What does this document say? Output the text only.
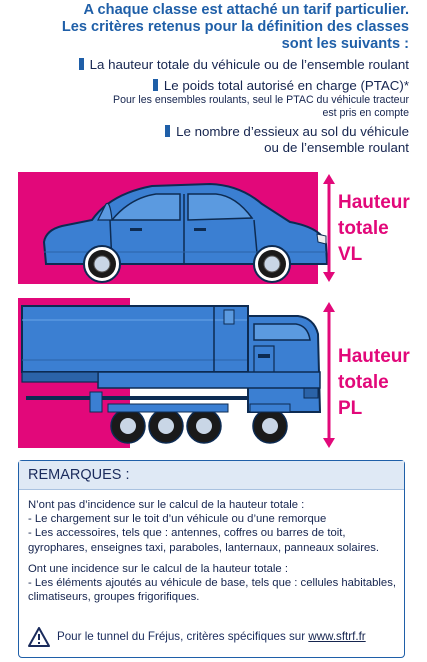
A chaque classe est attaché un tarif particulier.
Les critères retenus pour la définition des classes
sont les suivants :
La hauteur totale du véhicule ou de l’ensemble roulant
Le poids total autorisé en charge (PTAC)*
Pour les ensembles roulants, seul le PTAC du véhicule tracteur
est pris en compte
Le nombre d’essieux au sol du véhicule
ou de l’ensemble roulant
Hauteur
totale
VL
Hauteur
totale
PL
REMARQUES :

N’ont pas d’incidence sur le calcul de la hauteur totale :

- Le chargement sur le toit d’un véhicule ou d’une remorque

- Les accessoires, tels que : antennes, coffres ou barres de toit,

gyrophares, enseignes taxi, paraboles, lanternaux, panneaux solaires.

Ont une incidence sur le calcul de la hauteur totale :

- Les éléments ajoutés au véhicule de base, tels que : cellules habitables,

climatiseurs, groupes frigorifiques.

Pour le tunnel du Fréjus, critères spécifiques sur
www.sftrf.fr
